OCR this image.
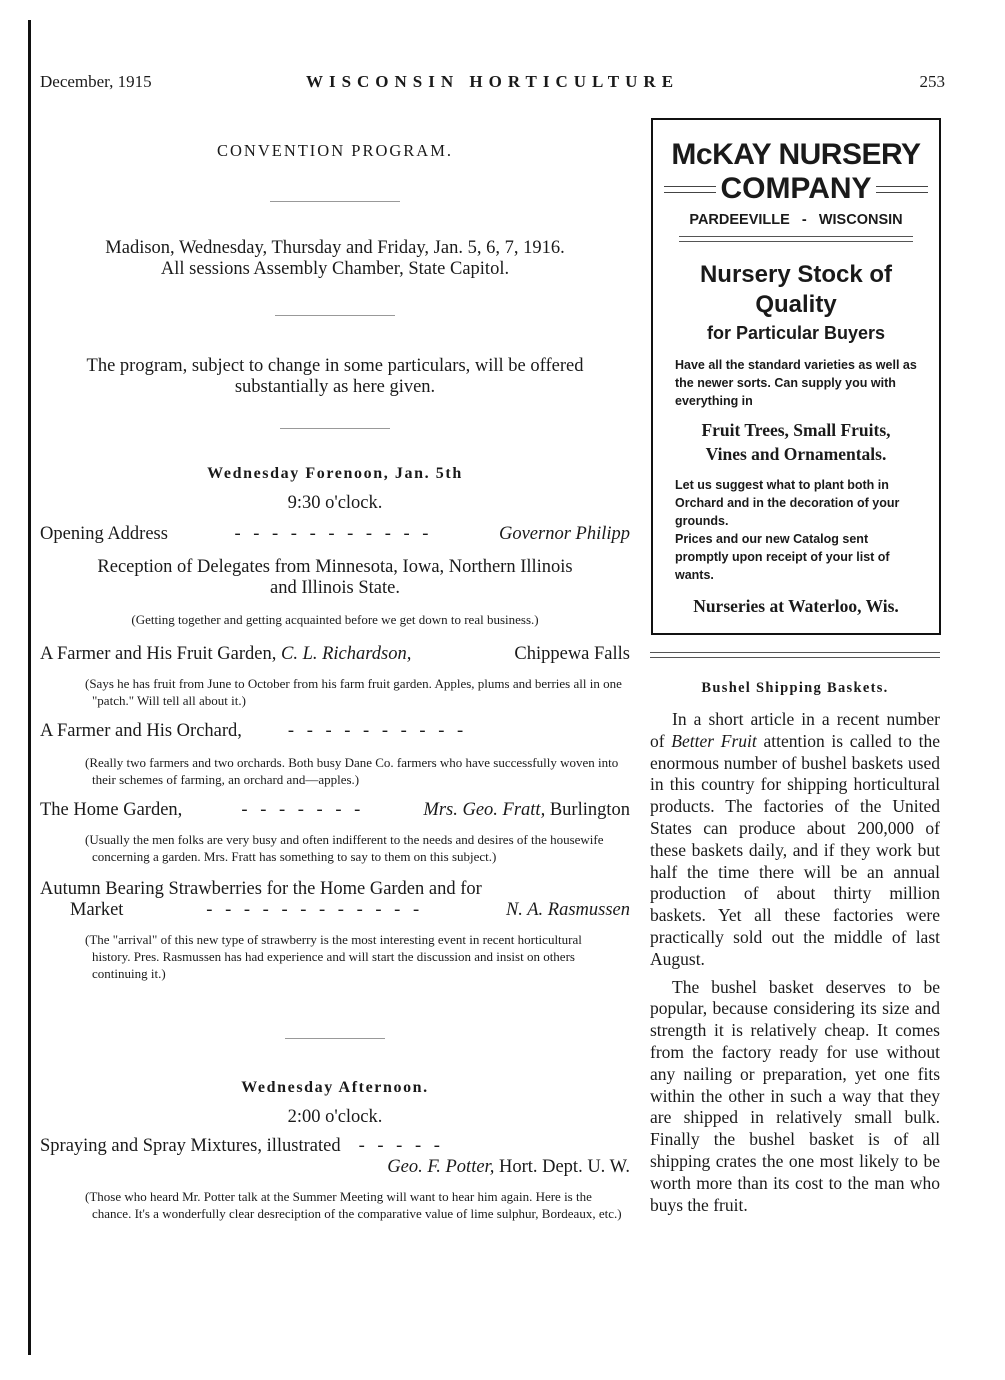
December, 1915	WISCONSIN HORTICULTURE	253
CONVENTION PROGRAM.
Madison, Wednesday, Thursday and Friday, Jan. 5, 6, 7, 1916.
All sessions Assembly Chamber, State Capitol.
The program, subject to change in some particulars, will be offered
substantially as here given.
Wednesday Forenoon, Jan. 5th
9:30 o'clock.
Opening Address	- - - - - - - - - - -	Governor Philipp
Reception of Delegates from Minnesota, Iowa, Northern Illinois
and Illinois State.
(Getting together and getting acquainted before we get down to real business.)
A Farmer and His Fruit Garden, C. L. Richardson,	Chippewa Falls
(Says he has fruit from June to October from his farm fruit garden. Apples, plums and berries all in one "patch." Will tell all about it.)
A Farmer and His Orchard, - - - - - - - - - -
(Really two farmers and two orchards. Both busy Dane Co. farmers who have successfully woven into their schemes of farming, an orchard and—apples.)
The Home Garden,	- - - - - - -	Mrs. Geo. Fratt, Burlington
(Usually the men folks are very busy and often indifferent to the needs and desires of the housewife concerning a garden. Mrs. Fratt has something to say to them on this subject.)
Autumn Bearing Strawberries for the Home Garden and for
Market	- - - - - - - - - - - -	N. A. Rasmussen
(The "arrival" of this new type of strawberry is the most interesting event in recent horticultural history. Pres. Rasmussen has had experience and will start the discussion and insist on others continuing it.)
Wednesday Afternoon.
2:00 o'clock.
Spraying and Spray Mixtures, illustrated - - - - -
Geo. F. Potter, Hort. Dept. U. W.
(Those who heard Mr. Potter talk at the Summer Meeting will want to hear him again. Here is the chance. It's a wonderfully clear desreciption of the comparative value of lime sulphur, Bordeaux, etc.)
McKAY NURSERY
COMPANY
PARDEEVILLE - WISCONSIN
Nursery Stock of
Quality
for Particular Buyers
Have all the standard varieties as well as the newer sorts. Can supply you with everything in
Fruit Trees, Small Fruits,
Vines and Ornamentals.
Let us suggest what to plant both in Orchard and in the decoration of your grounds.
Prices and our new Catalog sent promptly upon receipt of your list of wants.
Nurseries at Waterloo, Wis.
Bushel Shipping Baskets.

In a short article in a recent number of Better Fruit attention is called to the enormous number of bushel baskets used in this country for shipping horticultural products. The factories of the United States can produce about 200,000 of these baskets daily, and if they work but half the time there will be an annual production of about thirty million baskets. Yet all these factories were practically sold out the middle of last August.

The bushel basket deserves to be popular, because considering its size and strength it is relatively cheap. It comes from the factory ready for use without any nailing or preparation, yet one fits within the other in such a way that they are shipped in relatively small bulk. Finally the bushel basket is of all shipping crates the one most likely to be worth more than its cost to the man who buys the fruit.
